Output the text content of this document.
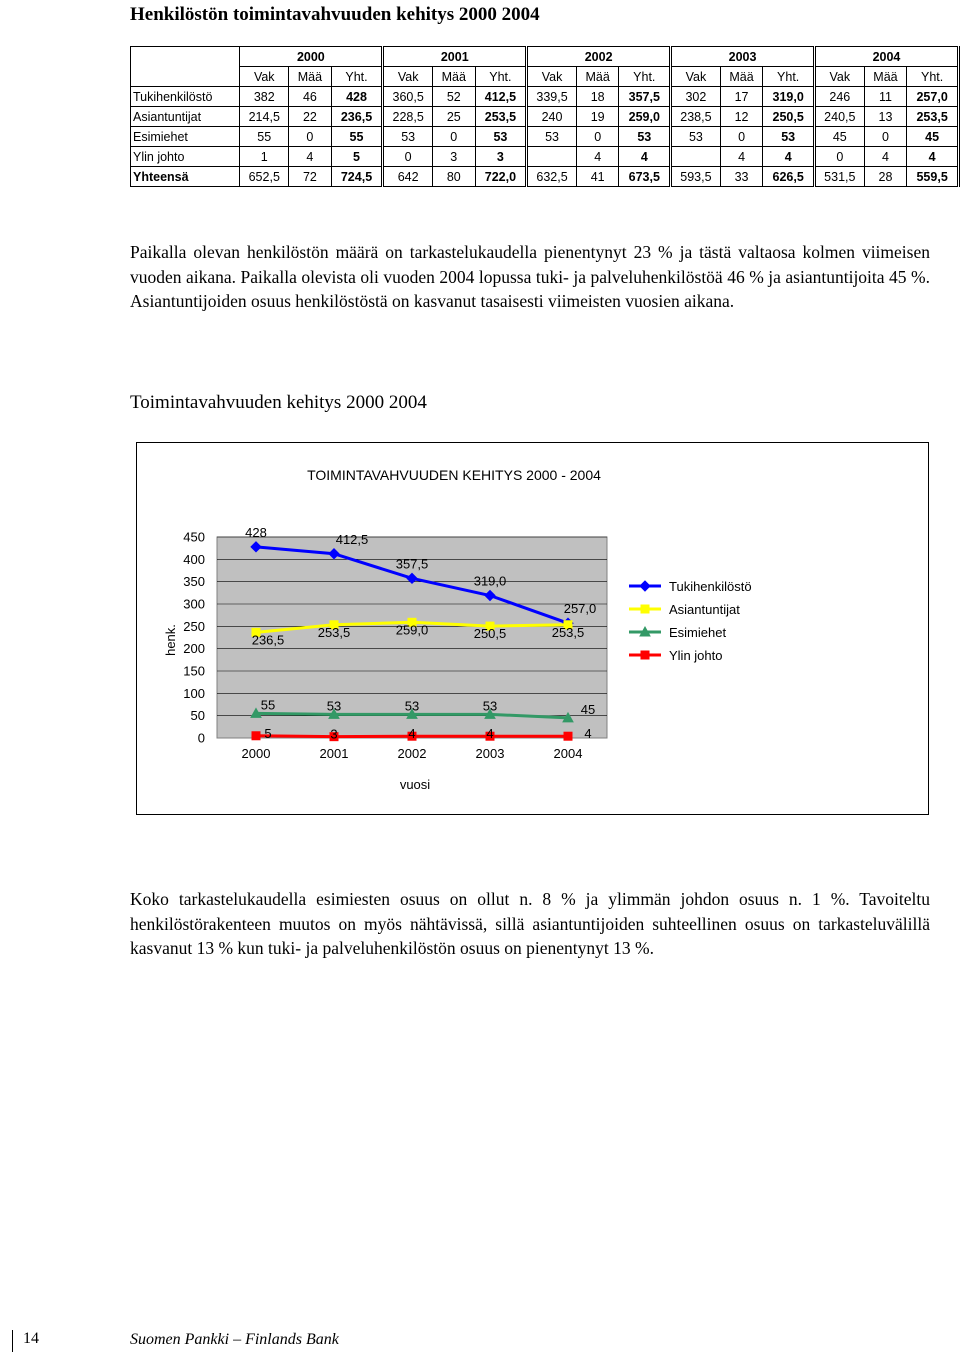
Henkilöstön toimintavahvuuden kehitys 2000 2004
	2000			2001			2002			2003			2004		
	Vak	Mää	Yht.	Vak	Mää	Yht.	Vak	Mää	Yht.	Vak	Mää	Yht.	Vak	Mää	Yht.
Tukihenkilöstö	382	46	428	360,5	52	412,5	339,5	18	357,5	302	17	319,0	246	11	257,0
Asiantuntijat	214,5	22	236,5	228,5	25	253,5	240	19	259,0	238,5	12	250,5	240,5	13	253,5
Esimiehet	55	0	55	53	0	53	53	0	53	53	0	53	45	0	45
Ylin johto	1	4	5	0	3	3		4	4		4	4	0	4	4
Yhteensä	652,5	72	724,5	642	80	722,0	632,5	41	673,5	593,5	33	626,5	531,5	28	559,5
Paikalla olevan henkilöstön määrä on tarkastelukaudella pienentynyt 23 % ja tästä valtaosa kolmen viimeisen vuoden aikana. Paikalla olevista oli vuoden 2004 lopussa tuki- ja palveluhenkilöstöä 46 % ja asiantuntijoita 45 %. Asiantuntijoiden osuus henkilöstöstä on kasvanut tasaisesti viimeisten vuosien aikana.
Toimintavahvuuden kehitys 2000 2004
0
50
100
150
200
250
300
350
400
450
2000	2001	2002	2003	2004
TOIMINTAVAHVUUDEN KEHITYS 2000 - 2004
vuosi
henk.
428	412,5
357,5
319,0
257,0
236,5
253,5	259,0	250,5	253,5
55	53	53	53	45
5	3	4	4	4
Tukihenkilöstö
Asiantuntijat
Esimiehet
Ylin johto
Koko tarkastelukaudella esimiesten osuus on ollut n. 8 % ja ylimmän johdon osuus n. 1 %. Tavoiteltu henkilöstörakenteen muutos on myös nähtävissä, sillä asiantuntijoiden suhteellinen osuus on tarkasteluvälillä kasvanut 13 % kun tuki- ja palveluhenkilöstön osuus on pienentynyt 13 %.
14	Suomen Pankki – Finlands Bank
